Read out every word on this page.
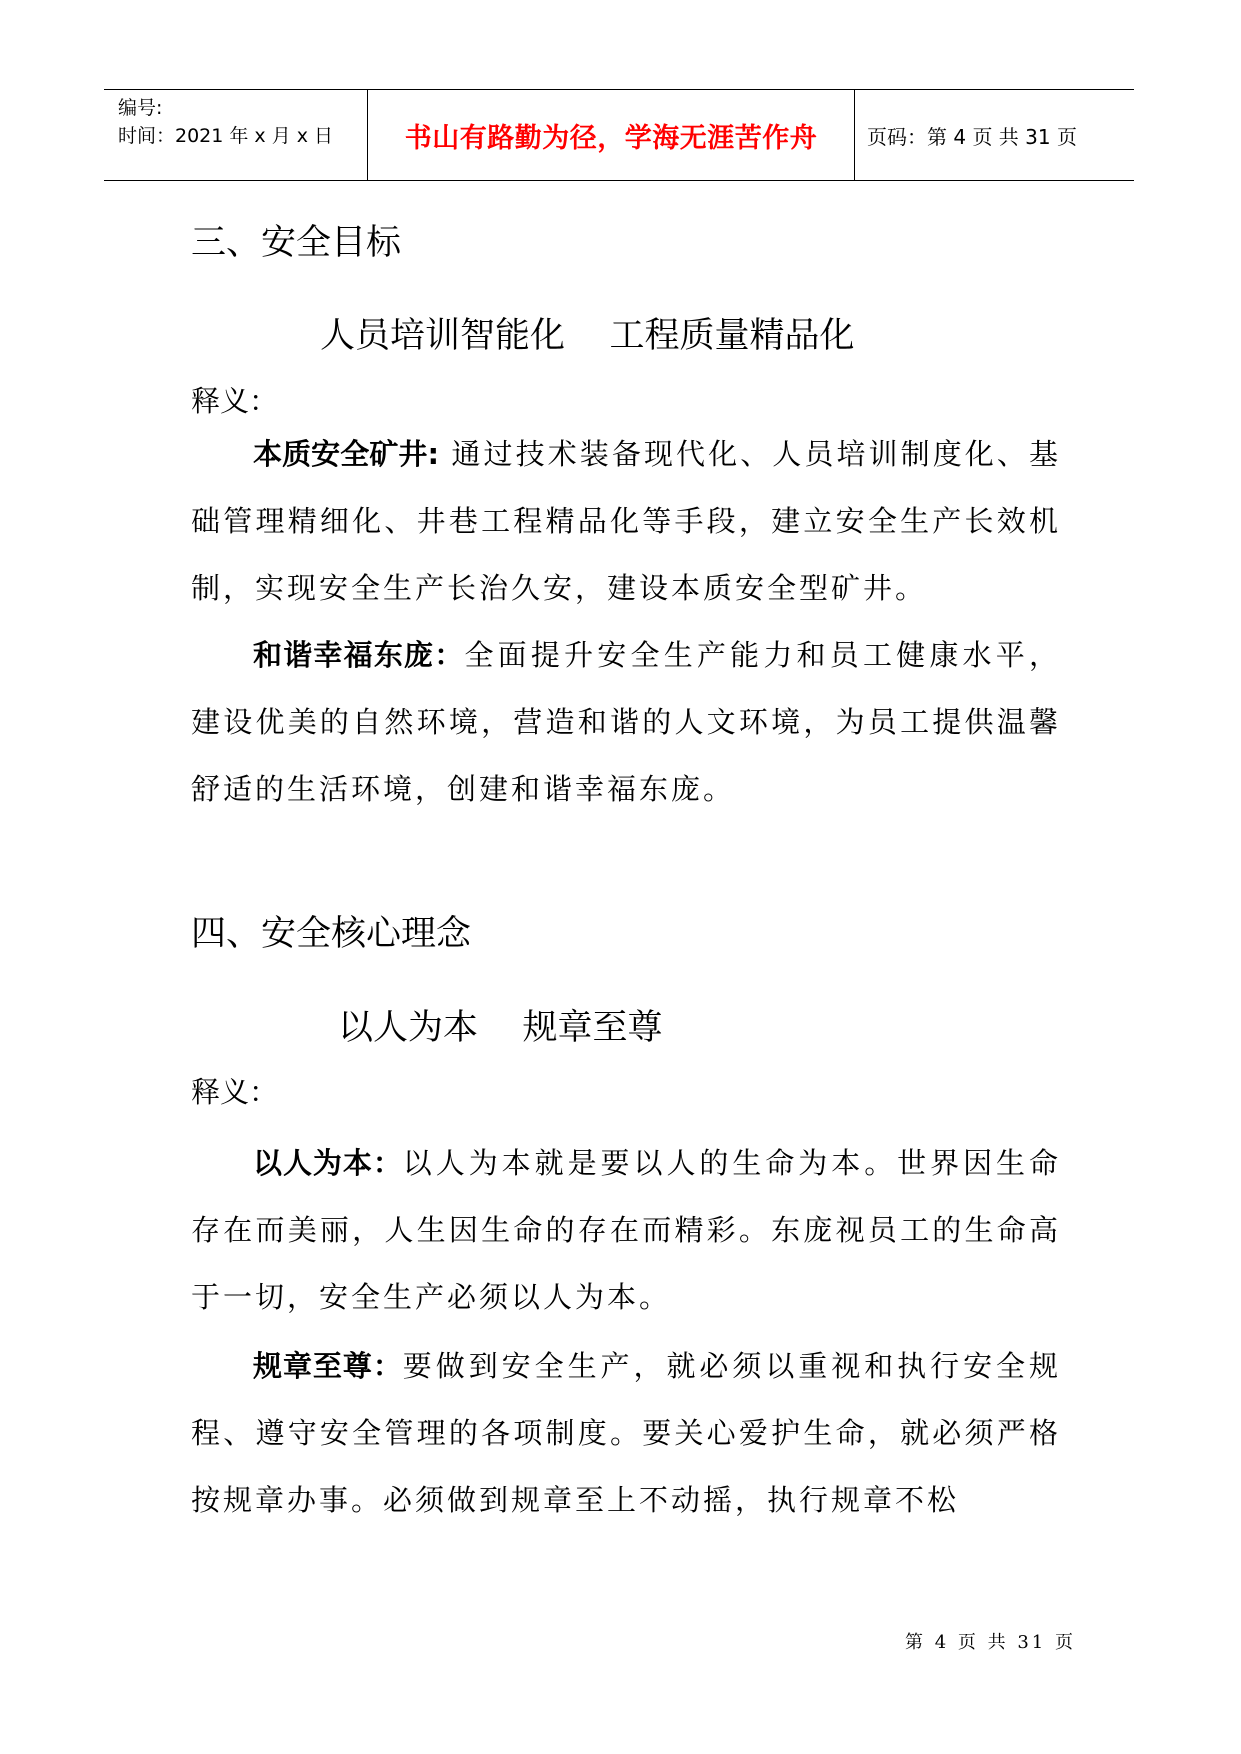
编号:
时间：2021 年 x 月 x 日	书山有路勤为径，学海无涯苦作舟	页码：第 4 页 共 31 页
三、安全目标
人员培训智能化    工程质量精品化
释义：

本质安全矿井: 通过技术装备现代化、人员培训制度化、基础管理精细化、井巷工程精品化等手段，建立安全生产长效机制，实现安全生产长治久安，建设本质安全型矿井。

和谐幸福东庞：全面提升安全生产能力和员工健康水平，建设优美的自然环境，营造和谐的人文环境，为员工提供温馨舒适的生活环境，创建和谐幸福东庞。

四、安全核心理念
以人为本    规章至尊
释义：

以人为本：以人为本就是要以人的生命为本。世界因生命存在而美丽，人生因生命的存在而精彩。东庞视员工的生命高于一切，安全生产必须以人为本。

规章至尊：要做到安全生产，就必须以重视和执行安全规程、遵守安全管理的各项制度。要关心爱护生命，就必须严格按规章办事。必须做到规章至上不动摇，执行规章不松

第 4 页 共 31 页
